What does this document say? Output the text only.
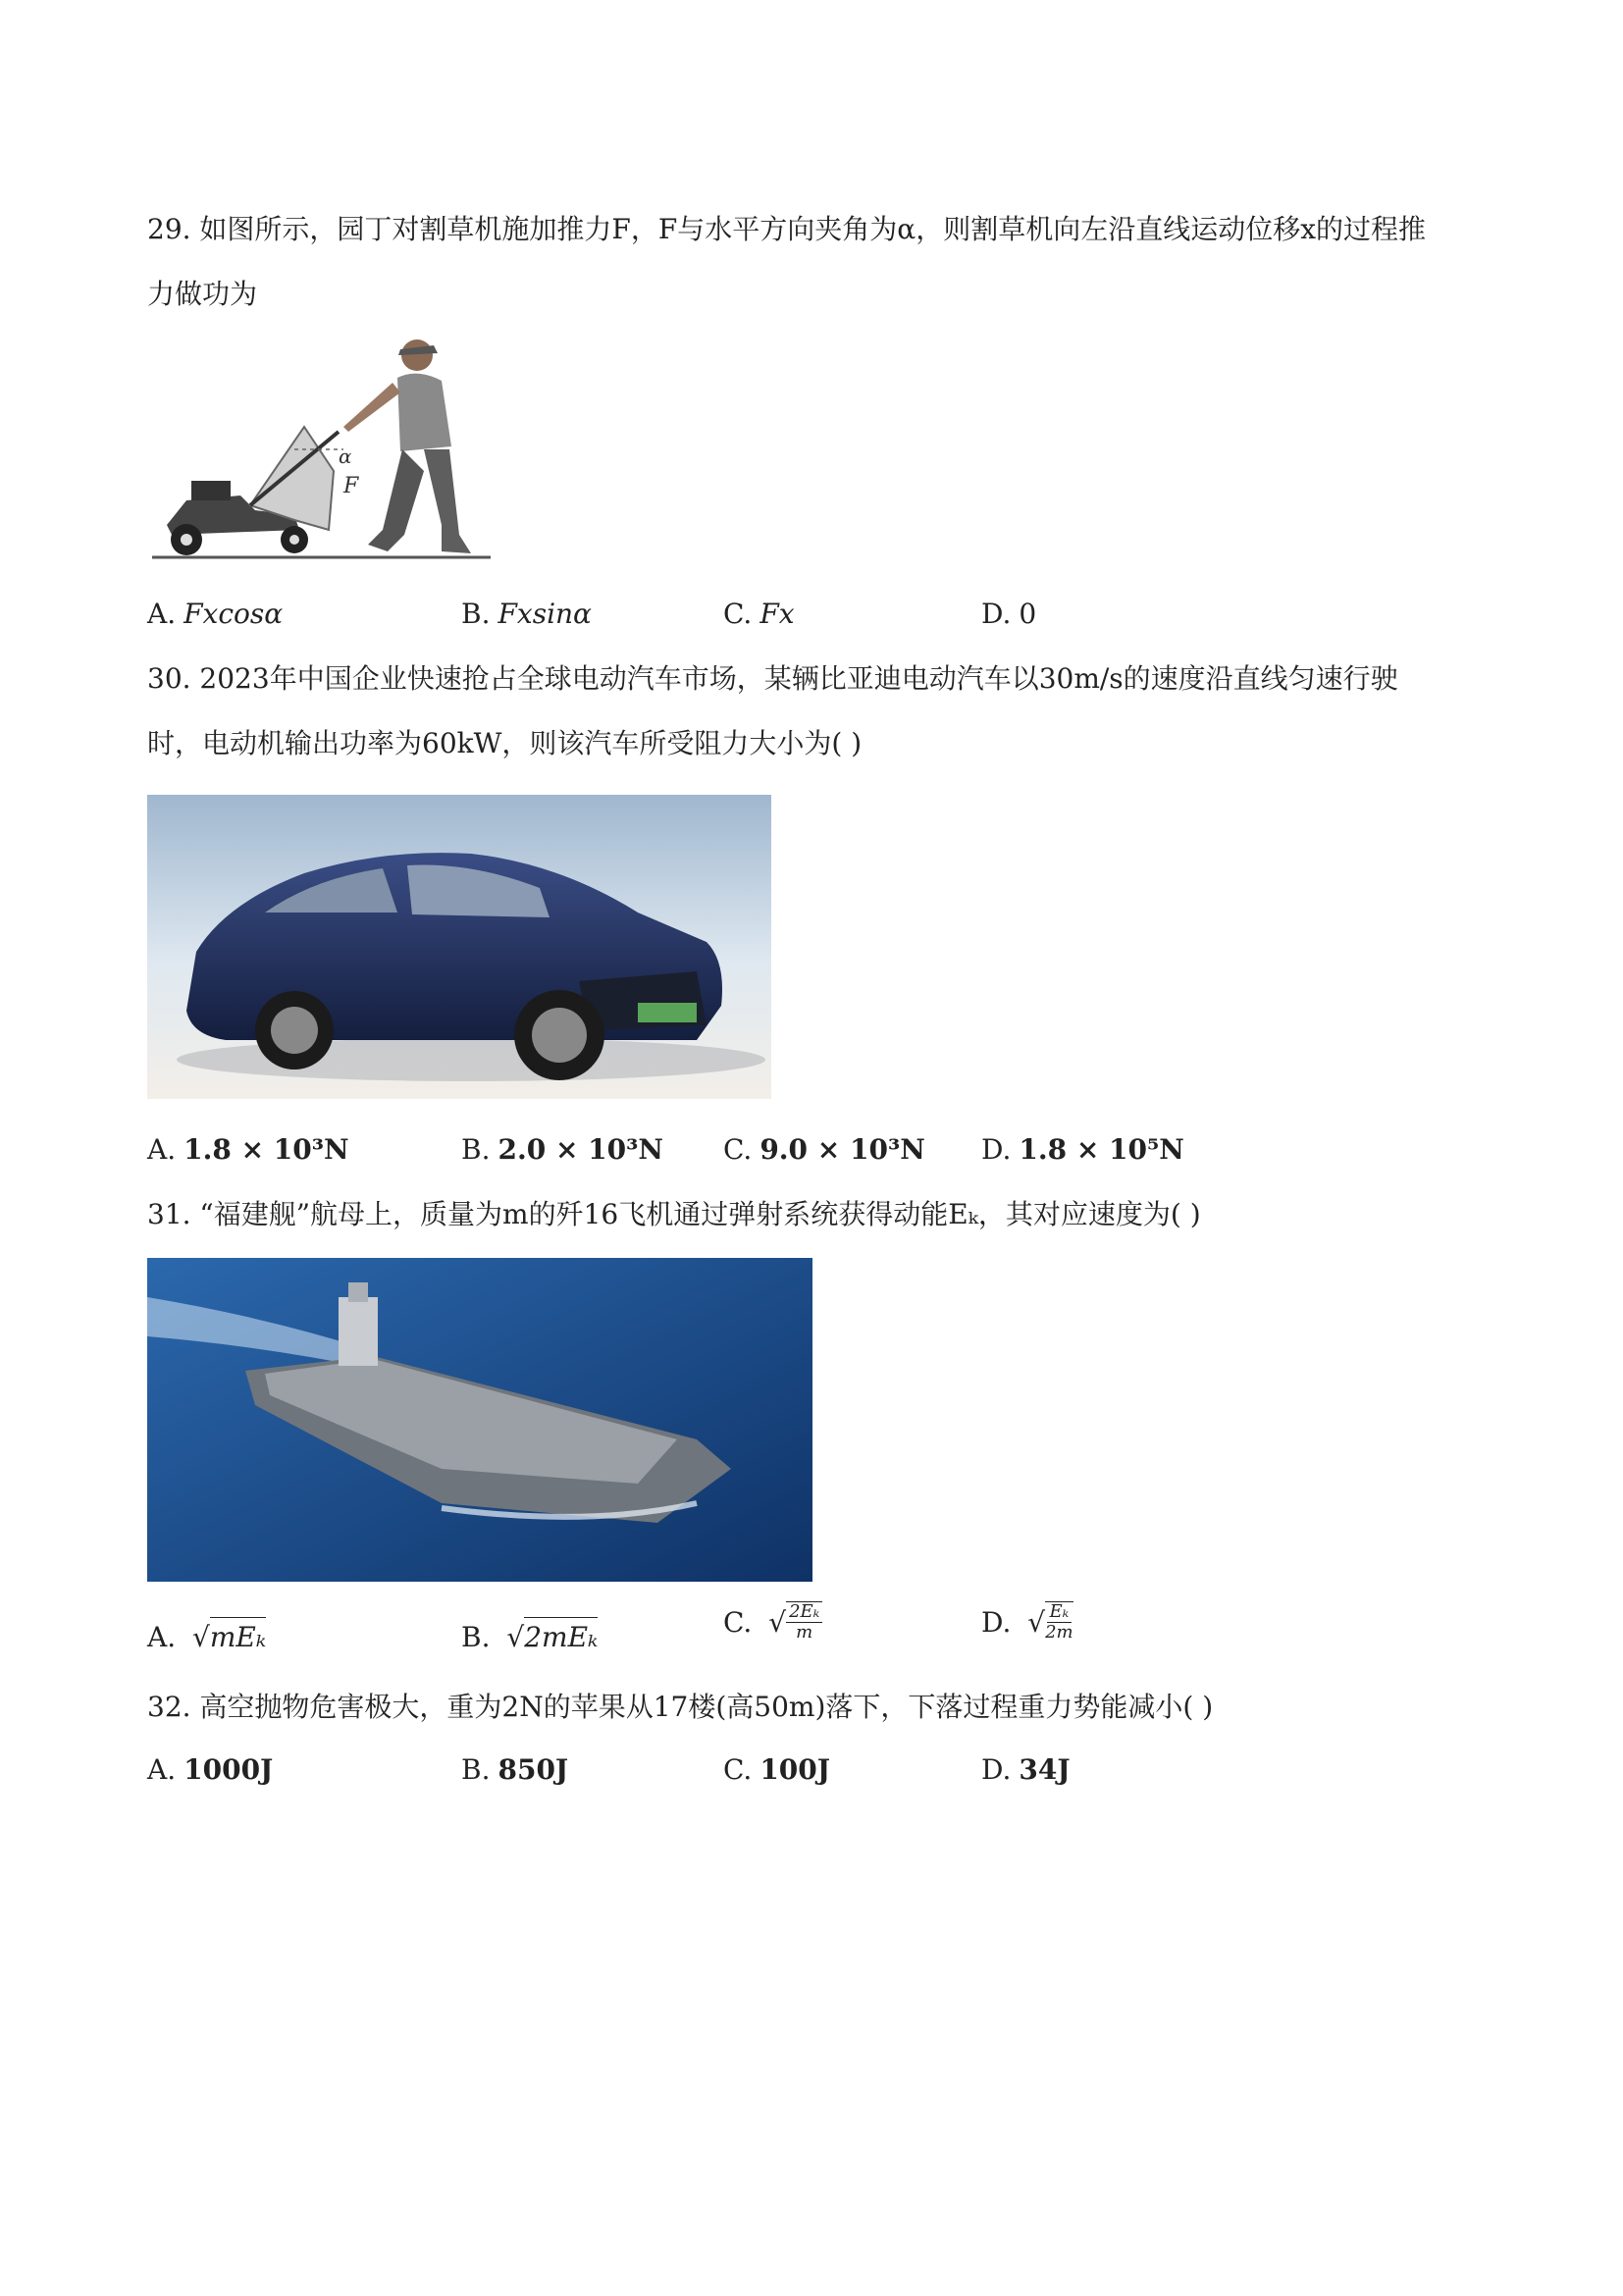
29. 如图所示，园丁对割草机施加推力F，F与水平方向夹角为α，则割草机向左沿直线运动位移x的过程推
力做功为
α
F
A. Fxcosα	B. Fxsinα	C. Fx	D. 0
30. 2023年中国企业快速抢占全球电动汽车市场，某辆比亚迪电动汽车以30m/s的速度沿直线匀速行驶
时，电动机输出功率为60kW，则该汽车所受阻力大小为( )
A. 1.8 × 10³N	B. 2.0 × 10³N C. 9.0 × 10³N D. 1.8 × 10⁵N
31. “福建舰”航母上，质量为m的歼16飞机通过弹射系统获得动能Eₖ，其对应速度为( )
A. √ mEₖ	B. √ 2mEₖ	C. √ $\frac{\text{2Eₖ}}{m}$	D. √ $\frac{\text{Eₖ}}{2m}$
32. 高空抛物危害极大，重为2N的苹果从17楼(高50m)落下，下落过程重力势能减小( )
A. 1000J	B. 850J	C. 100J	D. 34J
